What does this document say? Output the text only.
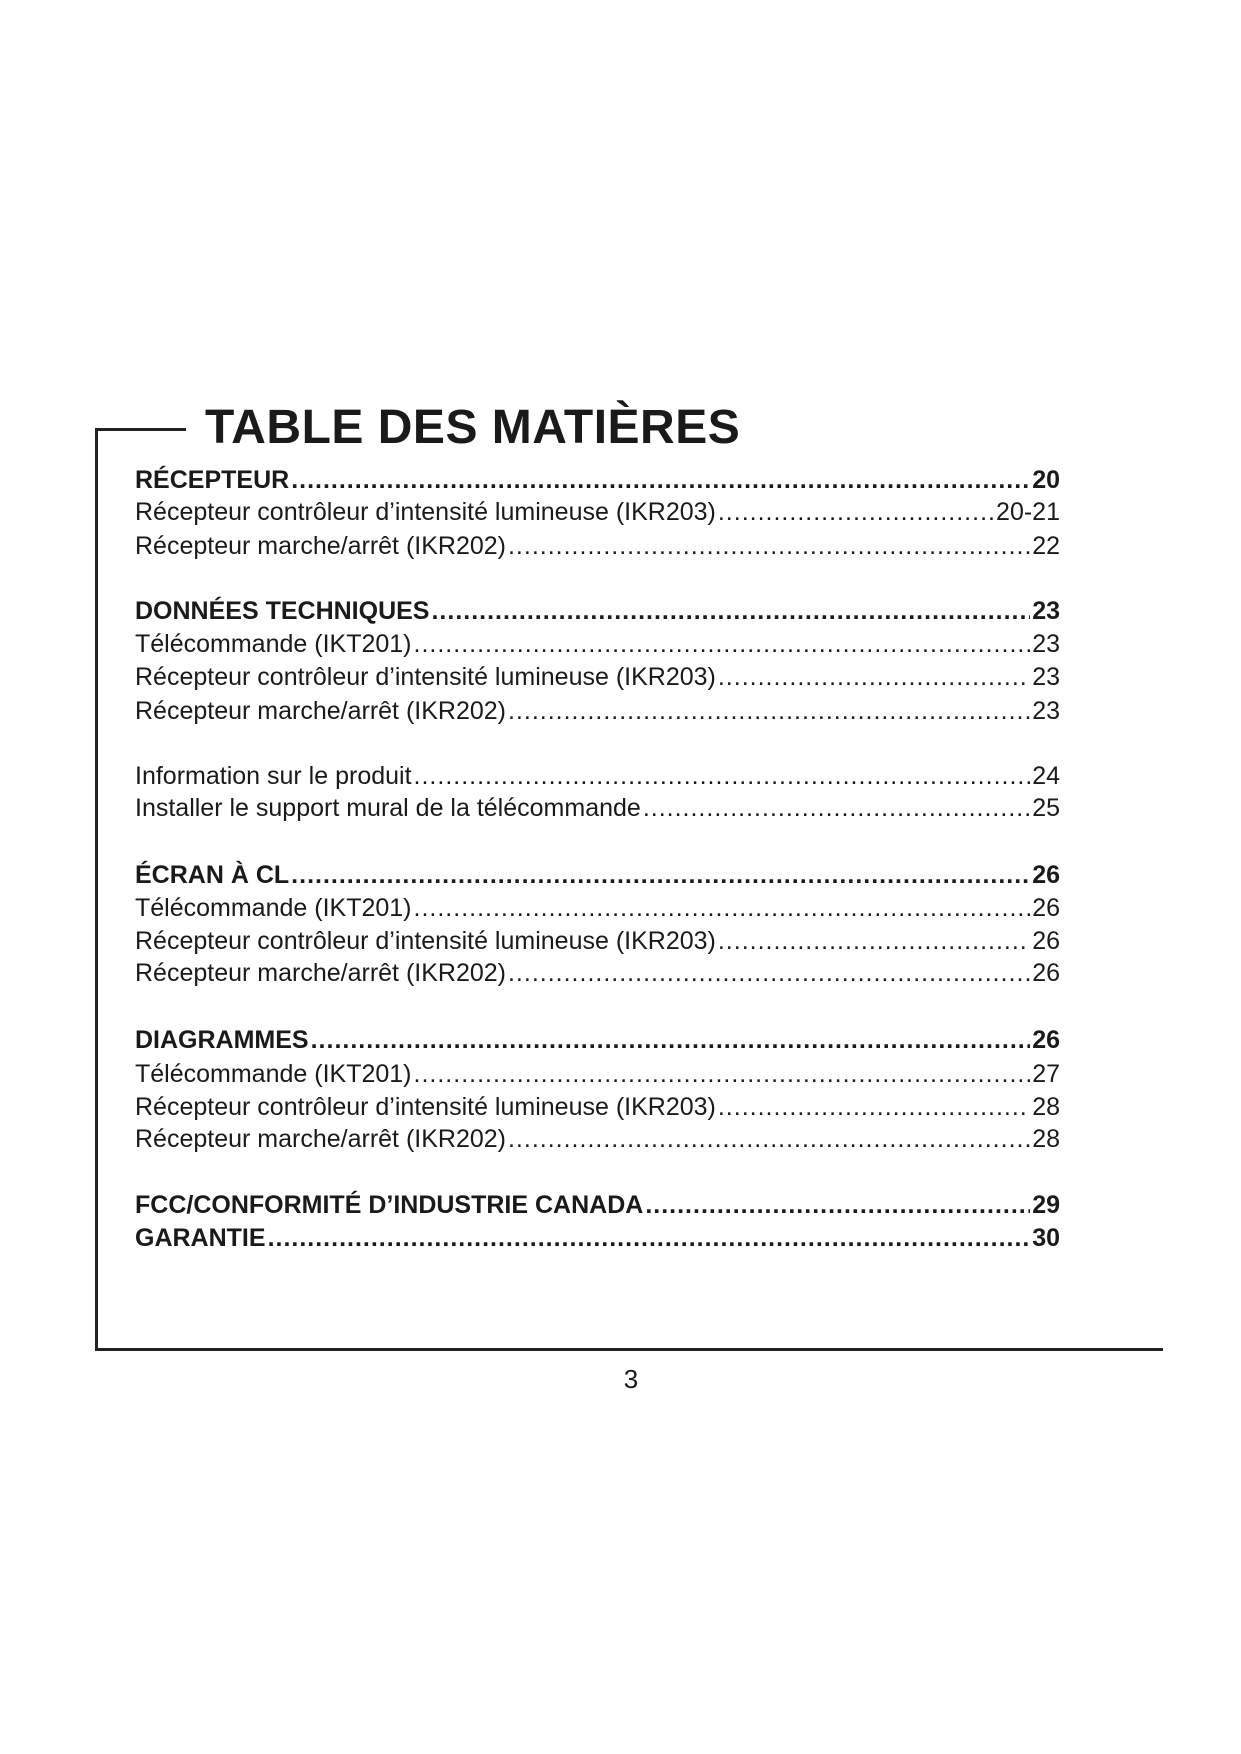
TABLE DES MATIÈRES
RÉCEPTEUR .....	20
Récepteur contrôleur d’intensité lumineuse (IKR203) .....	20-21
Récepteur marche/arrêt (IKR202) .....	22
DONNÉES TECHNIQUES .....	23
Télécommande (IKT201) .....	23
Récepteur contrôleur d’intensité lumineuse (IKR203) .....	23
Récepteur marche/arrêt (IKR202) .....	23
Information sur le produit .....	24
Installer le support mural de la télécommande .....	25
ÉCRAN À CL .....	26
Télécommande (IKT201) .....	26
Récepteur contrôleur d’intensité lumineuse (IKR203) .....	26
Récepteur marche/arrêt (IKR202) .....	26
DIAGRAMMES .....	26
Télécommande (IKT201) .....	27
Récepteur contrôleur d’intensité lumineuse (IKR203) .....	28
Récepteur marche/arrêt (IKR202) .....	28
FCC/CONFORMITÉ D’INDUSTRIE CANADA .....	29
GARANTIE .....	30
3
